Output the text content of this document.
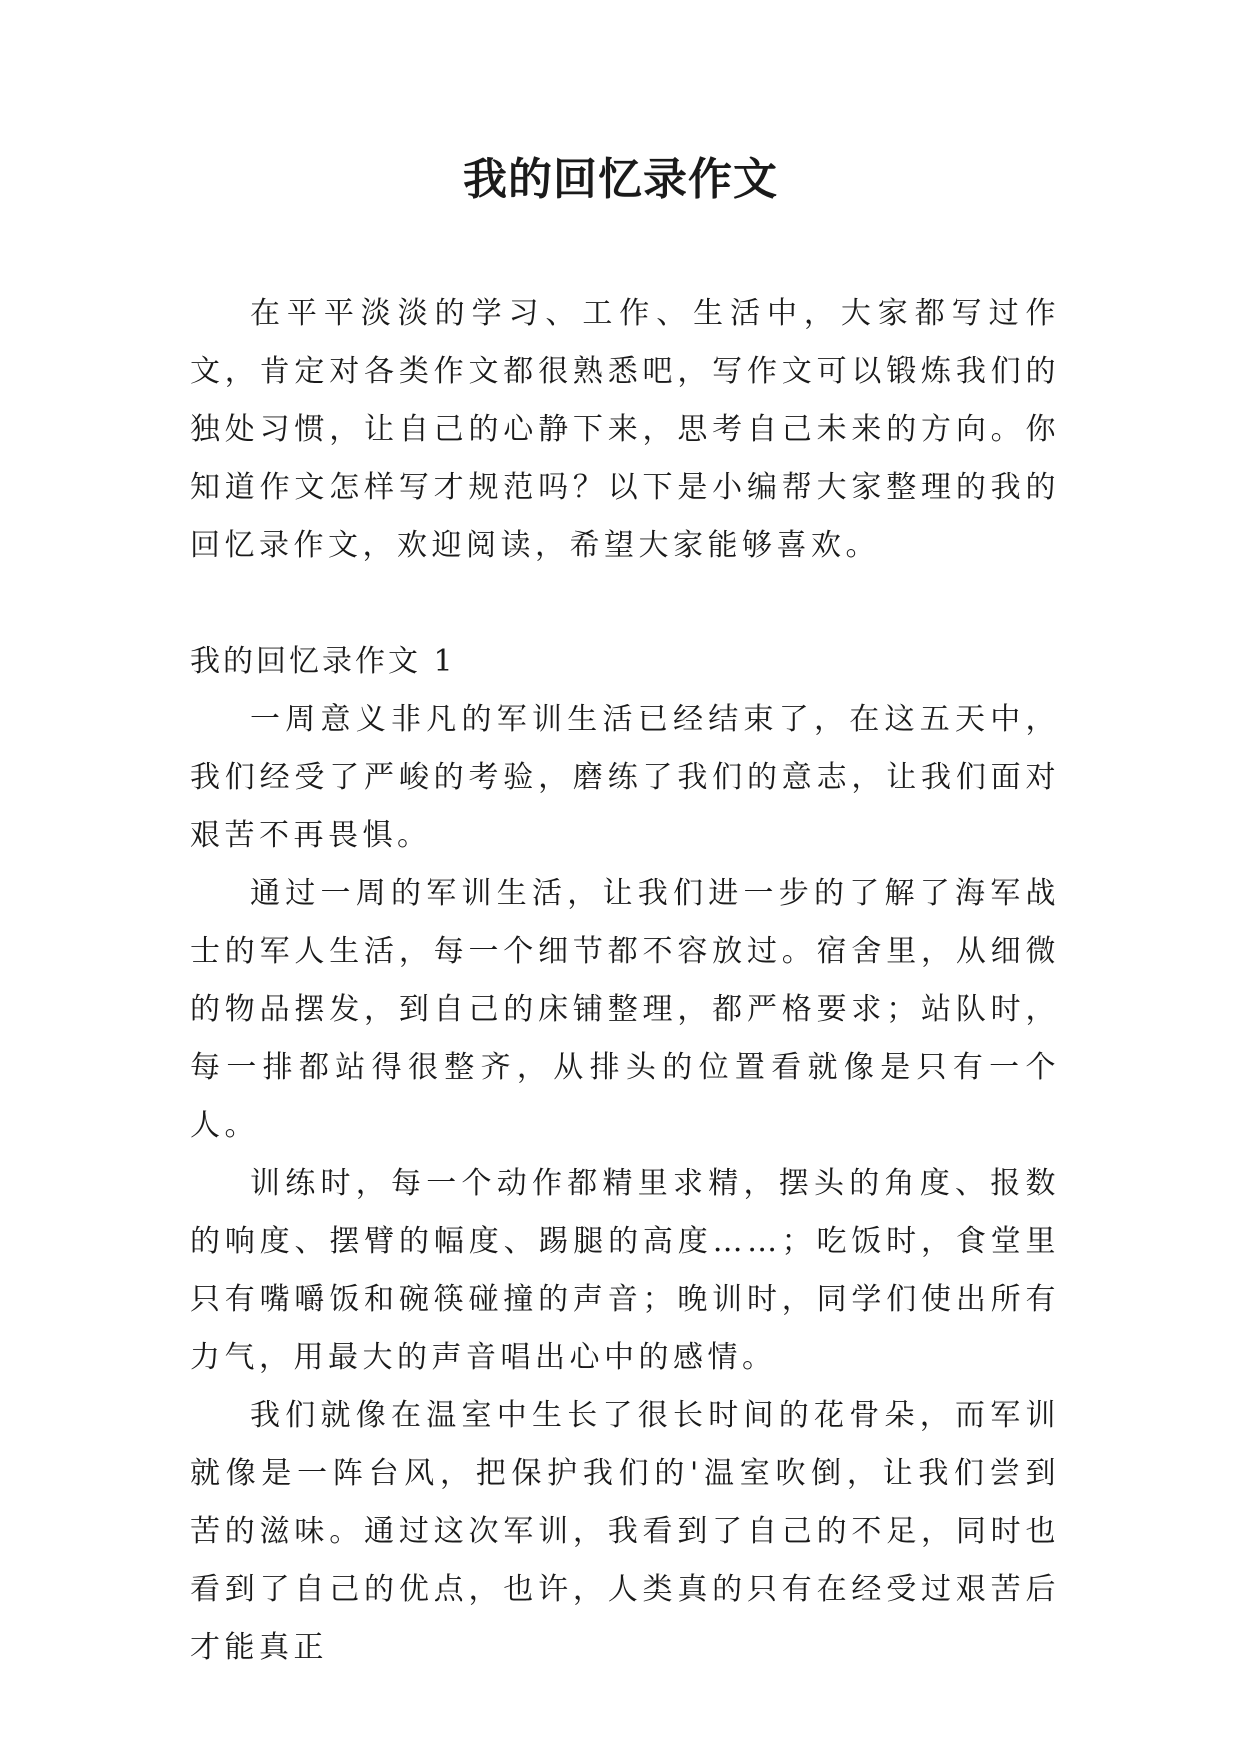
我的回忆录作文

在平平淡淡的学习、工作、生活中，大家都写过作文，肯定对各类作文都很熟悉吧，写作文可以锻炼我们的独处习惯，让自己的心静下来，思考自己未来的方向。你知道作文怎样写才规范吗？以下是小编帮大家整理的我的回忆录作文，欢迎阅读，希望大家能够喜欢。

我的回忆录作文 1

一周意义非凡的军训生活已经结束了，在这五天中，我们经受了严峻的考验，磨练了我们的意志，让我们面对艰苦不再畏惧。

通过一周的军训生活，让我们进一步的了解了海军战士的军人生活，每一个细节都不容放过。宿舍里，从细微的物品摆发，到自己的床铺整理，都严格要求；站队时，每一排都站得很整齐，从排头的位置看就像是只有一个人。

训练时，每一个动作都精里求精，摆头的角度、报数的响度、摆臂的幅度、踢腿的高度……；吃饭时，食堂里只有嘴嚼饭和碗筷碰撞的声音；晚训时，同学们使出所有力气，用最大的声音唱出心中的感情。

我们就像在温室中生长了很长时间的花骨朵，而军训就像是一阵台风，把保护我们的'温室吹倒，让我们尝到苦的滋味。通过这次军训，我看到了自己的不足，同时也看到了自己的优点，也许，人类真的只有在经受过艰苦后才能真正
